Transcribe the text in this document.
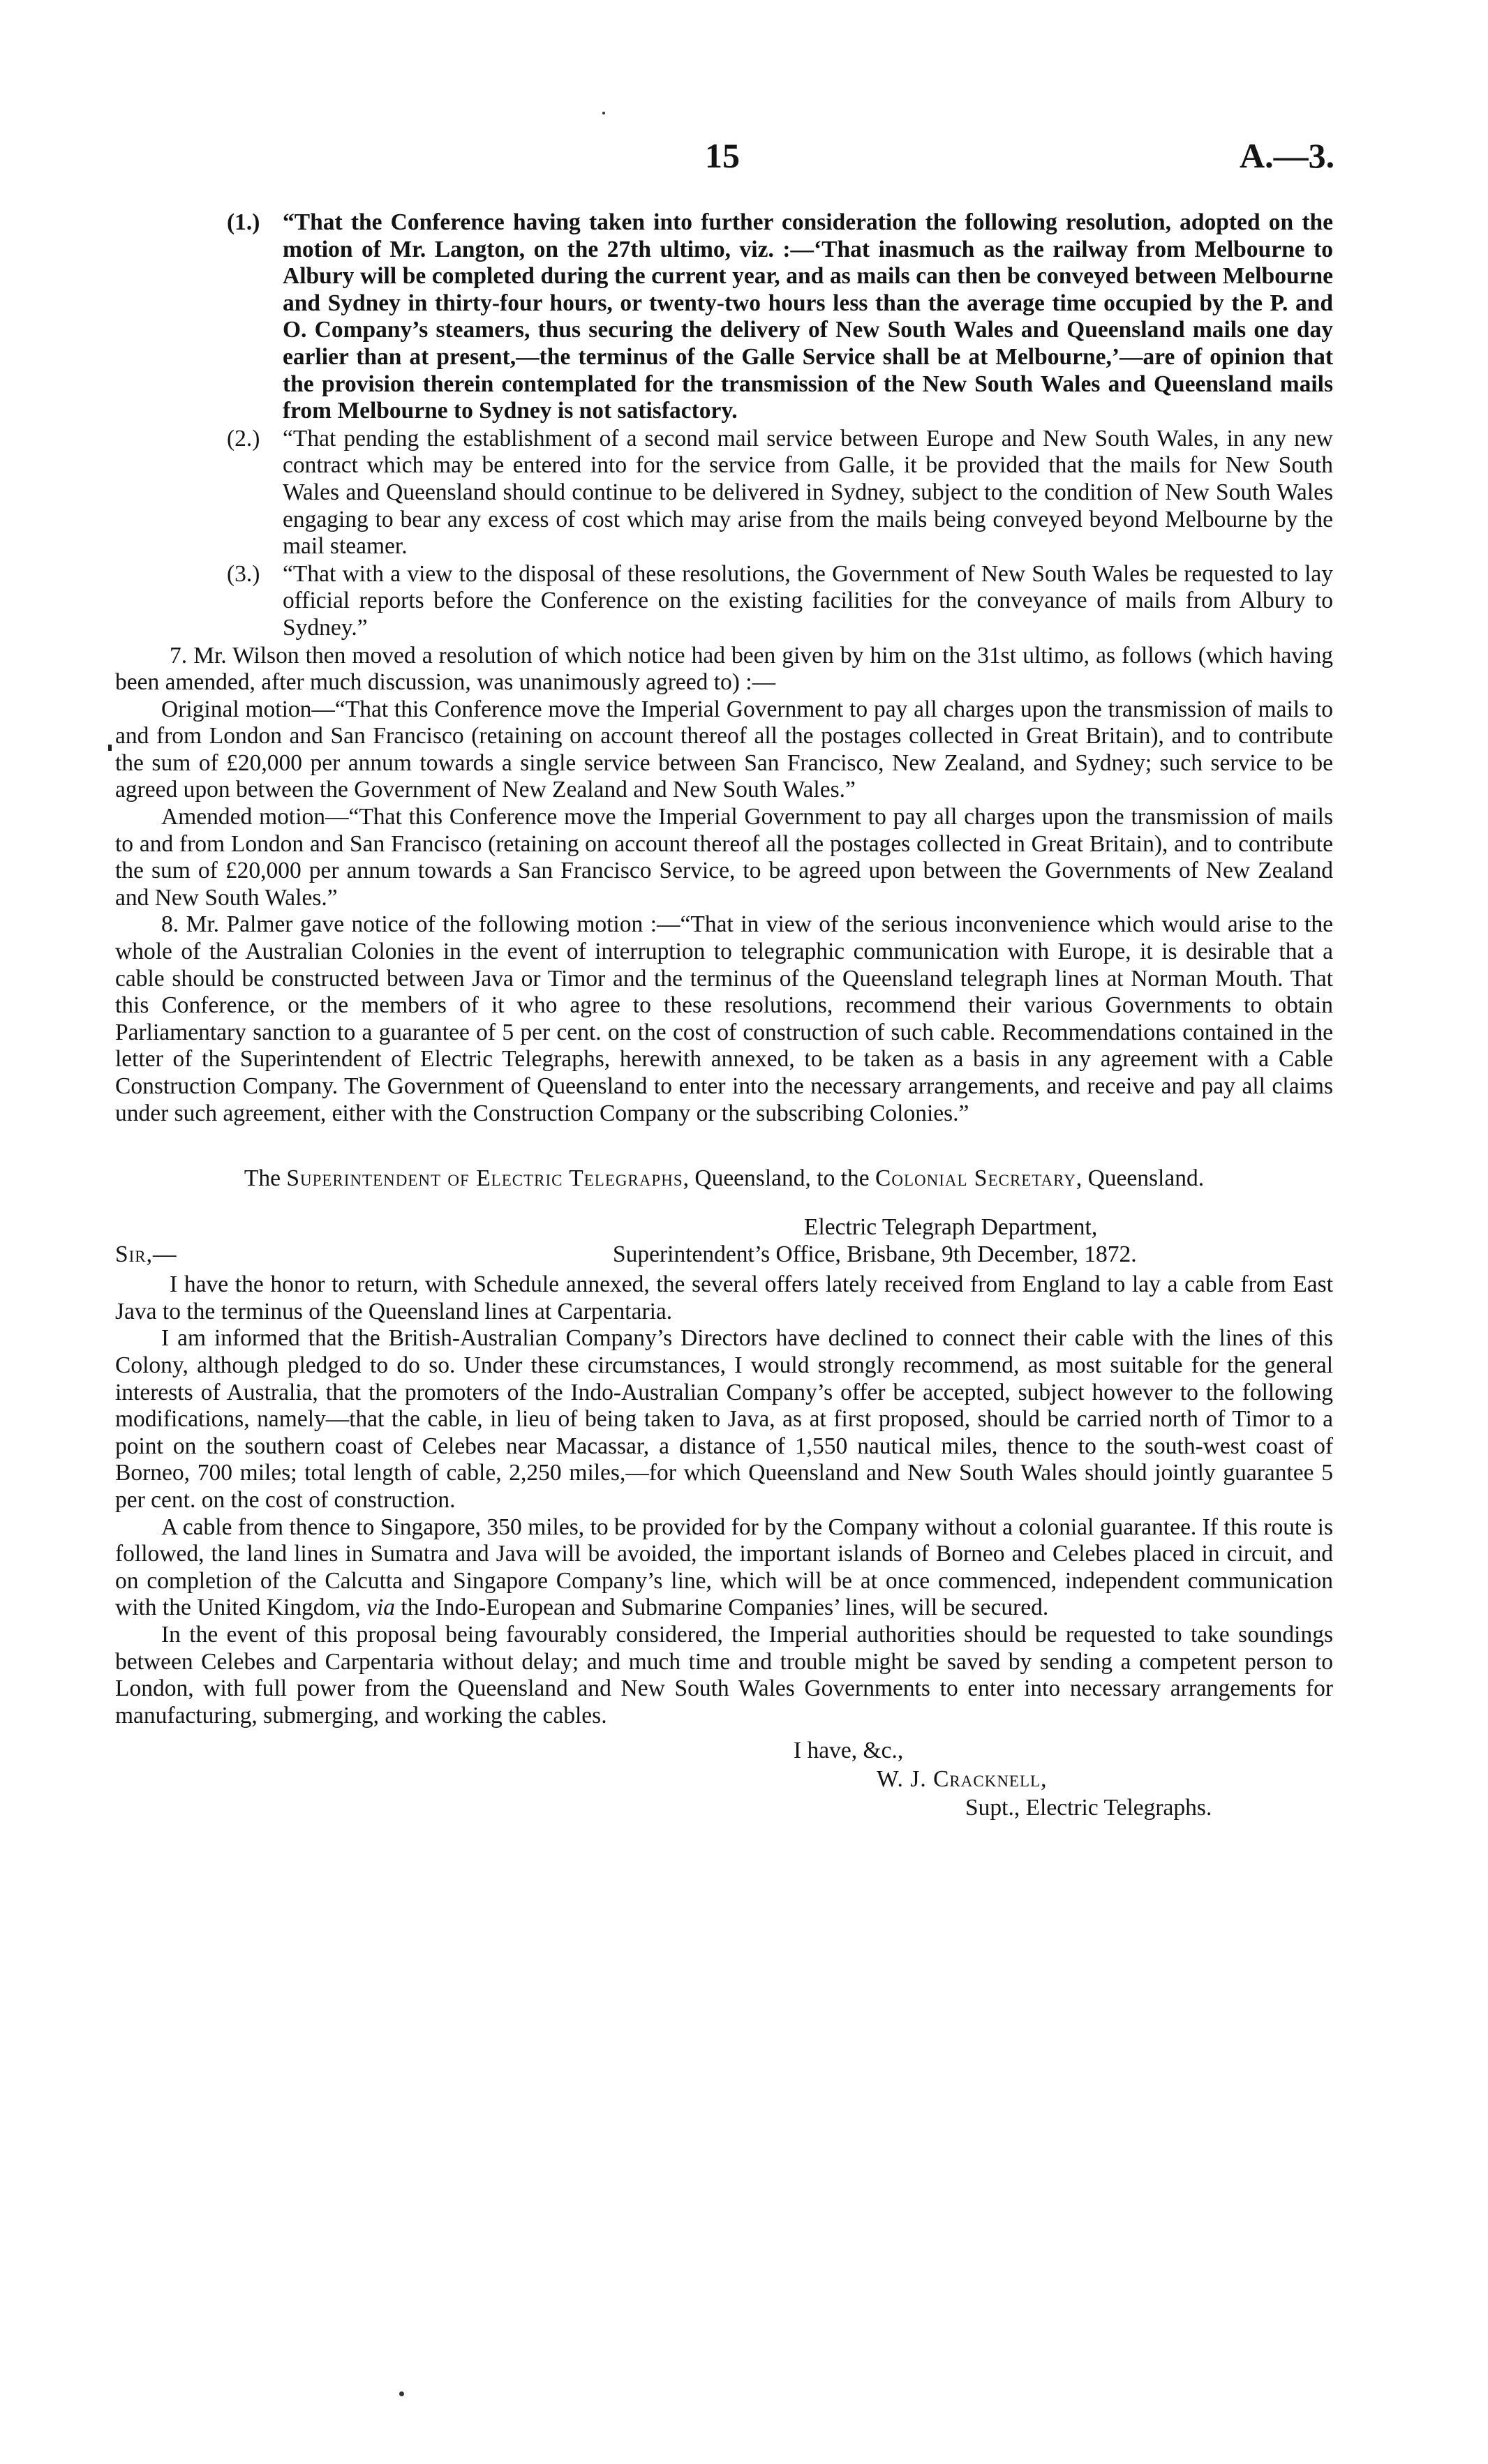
15	A.—3.
(1.) “That the Conference having taken into further consideration the following resolution, adopted on the motion of Mr. Langton, on the 27th ultimo, viz. :—‘That inasmuch as the railway from Melbourne to Albury will be completed during the current year, and as mails can then be conveyed between Melbourne and Sydney in thirty-four hours, or twenty-two hours less than the average time occupied by the P. and O. Company’s steamers, thus securing the delivery of New South Wales and Queensland mails one day earlier than at present,—the terminus of the Galle Service shall be at Melbourne,’—are of opinion that the provision therein contemplated for the transmission of the New South Wales and Queensland mails from Melbourne to Sydney is not satisfactory.

(2.) “That pending the establishment of a second mail service between Europe and New South Wales, in any new contract which may be entered into for the service from Galle, it be provided that the mails for New South Wales and Queensland should continue to be delivered in Sydney, subject to the condition of New South Wales engaging to bear any excess of cost which may arise from the mails being conveyed beyond Melbourne by the mail steamer.

(3.) “That with a view to the disposal of these resolutions, the Government of New South Wales be requested to lay official reports before the Conference on the existing facilities for the conveyance of mails from Albury to Sydney.”

7. Mr. Wilson then moved a resolution of which notice had been given by him on the 31st ultimo, as follows (which having been amended, after much discussion, was unanimously agreed to) :—

Original motion—“That this Conference move the Imperial Government to pay all charges upon the transmission of mails to and from London and San Francisco (retaining on account thereof all the postages collected in Great Britain), and to contribute the sum of £20,000 per annum towards a single service between San Francisco, New Zealand, and Sydney; such service to be agreed upon between the Government of New Zealand and New South Wales.”

Amended motion—“That this Conference move the Imperial Government to pay all charges upon the transmission of mails to and from London and San Francisco (retaining on account thereof all the postages collected in Great Britain), and to contribute the sum of £20,000 per annum towards a San Francisco Service, to be agreed upon between the Governments of New Zealand and New South Wales.”

8. Mr. Palmer gave notice of the following motion :—“That in view of the serious inconvenience which would arise to the whole of the Australian Colonies in the event of interruption to telegraphic communication with Europe, it is desirable that a cable should be constructed between Java or Timor and the terminus of the Queensland telegraph lines at Norman Mouth. That this Conference, or the members of it who agree to these resolutions, recommend their various Governments to obtain Parliamentary sanction to a guarantee of 5 per cent. on the cost of construction of such cable. Recommendations contained in the letter of the Superintendent of Electric Telegraphs, herewith annexed, to be taken as a basis in any agreement with a Cable Construction Company. The Government of Queensland to enter into the necessary arrangements, and receive and pay all claims under such agreement, either with the Construction Company or the subscribing Colonies.”

The Superintendent of Electric Telegraphs, Queensland, to the Colonial Secretary, Queensland.

Electric Telegraph Department,
Sir,—	Superintendent’s Office, Brisbane, 9th December, 1872.

I have the honor to return, with Schedule annexed, the several offers lately received from England to lay a cable from East Java to the terminus of the Queensland lines at Carpentaria.

I am informed that the British-Australian Company’s Directors have declined to connect their cable with the lines of this Colony, although pledged to do so. Under these circumstances, I would strongly recommend, as most suitable for the general interests of Australia, that the promoters of the Indo-Australian Company’s offer be accepted, subject however to the following modifications, namely—that the cable, in lieu of being taken to Java, as at first proposed, should be carried north of Timor to a point on the southern coast of Celebes near Macassar, a distance of 1,550 nautical miles, thence to the south-west coast of Borneo, 700 miles; total length of cable, 2,250 miles,—for which Queensland and New South Wales should jointly guarantee 5 per cent. on the cost of construction.

A cable from thence to Singapore, 350 miles, to be provided for by the Company without a colonial guarantee. If this route is followed, the land lines in Sumatra and Java will be avoided, the important islands of Borneo and Celebes placed in circuit, and on completion of the Calcutta and Singapore Company’s line, which will be at once commenced, independent communication with the United Kingdom, via the Indo-European and Submarine Companies’ lines, will be secured.

In the event of this proposal being favourably considered, the Imperial authorities should be requested to take soundings between Celebes and Carpentaria without delay; and much time and trouble might be saved by sending a competent person to London, with full power from the Queensland and New South Wales Governments to enter into necessary arrangements for manufacturing, submerging, and working the cables.

I have, &c.,
W. J. Cracknell,
Supt., Electric Telegraphs.
